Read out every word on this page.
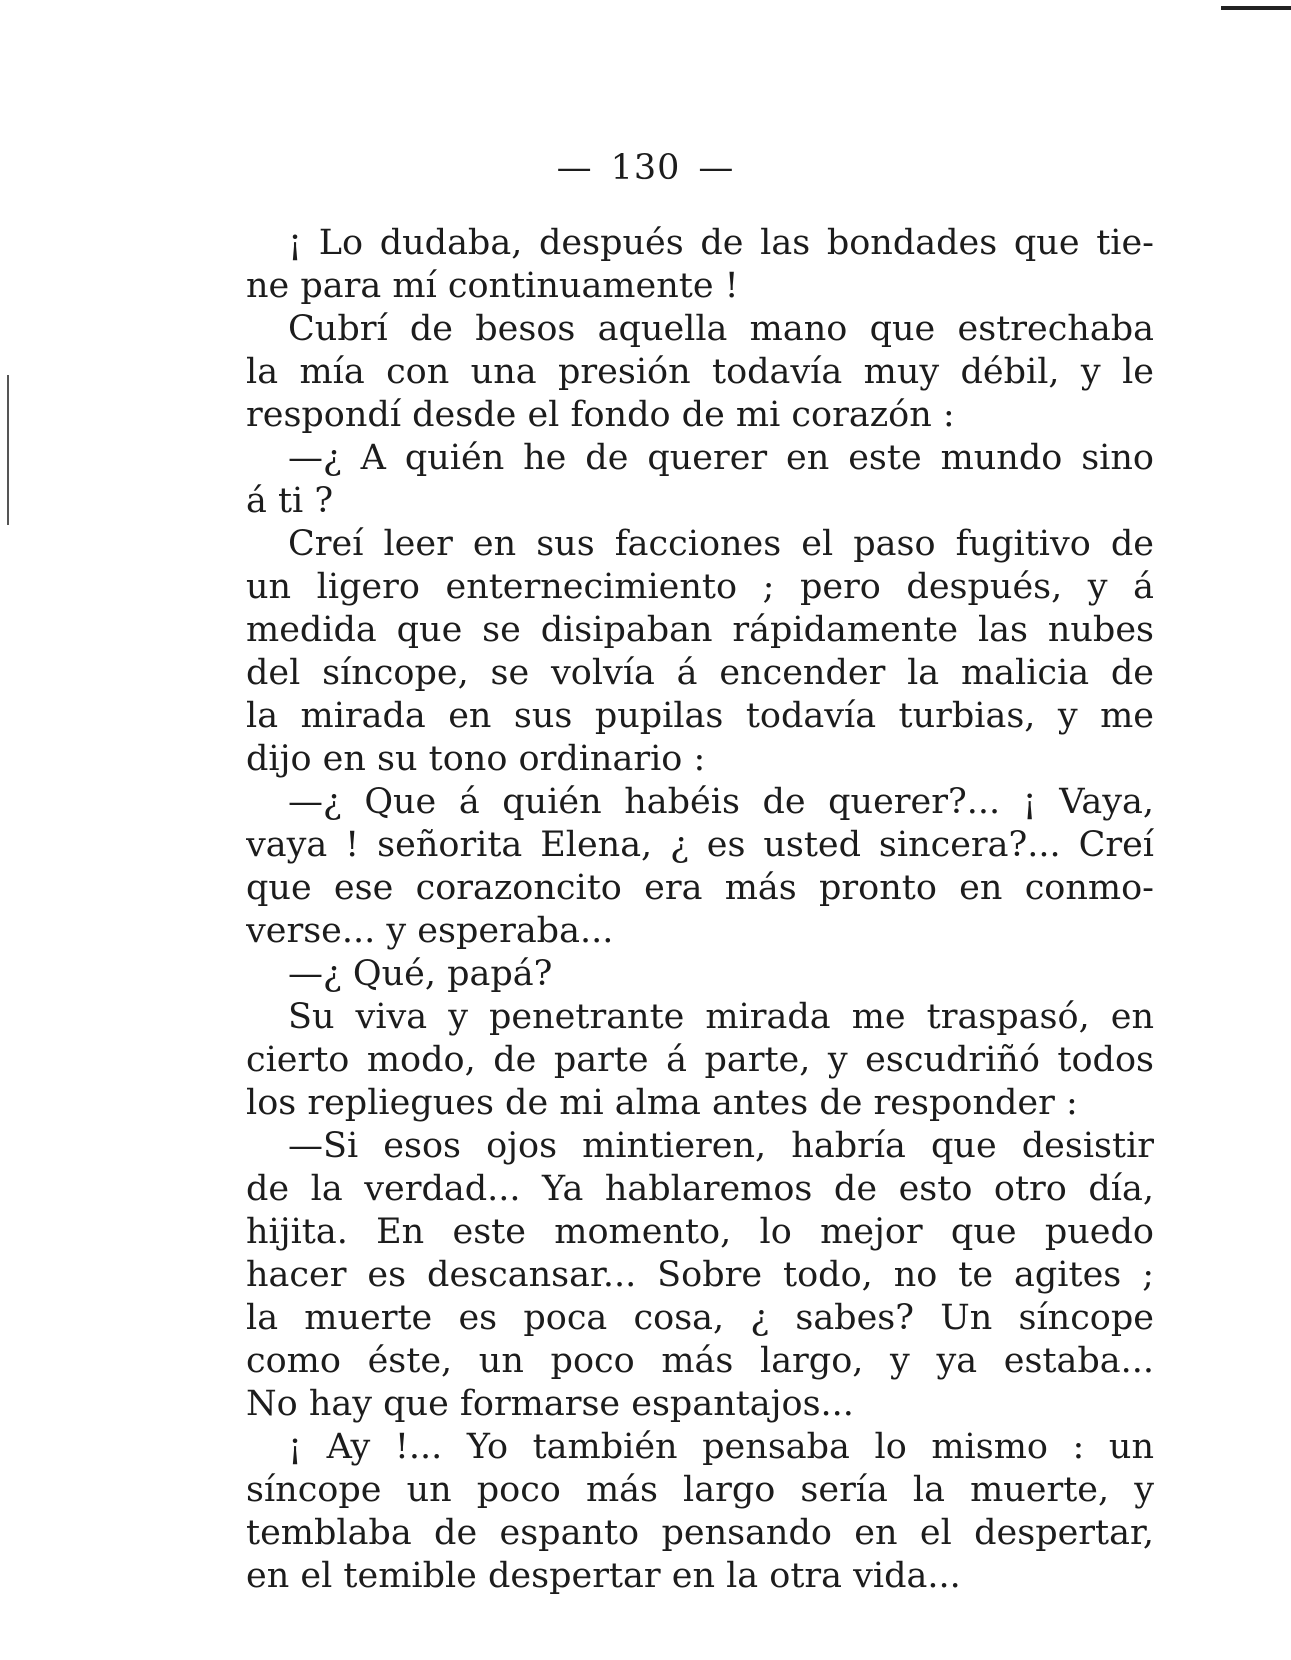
— 130 —
¡ Lo dudaba, después de las bondades que tie-
ne para mí continuamente !
Cubrí de besos aquella mano que estrechaba
la mía con una presión todavía muy débil, y le
respondí desde el fondo de mi corazón :
—¿ A quién he de querer en este mundo sino
á ti ?
Creí leer en sus facciones el paso fugitivo de
un ligero enternecimiento ; pero después, y á
medida que se disipaban rápidamente las nubes
del síncope, se volvía á encender la malicia de
la mirada en sus pupilas todavía turbias, y me
dijo en su tono ordinario :
—¿ Que á quién habéis de querer?... ¡ Vaya,
vaya ! señorita Elena, ¿ es usted sincera?... Creí
que ese corazoncito era más pronto en conmo-
verse... y esperaba...
—¿ Qué, papá?
Su viva y penetrante mirada me traspasó, en
cierto modo, de parte á parte, y escudriñó todos
los repliegues de mi alma antes de responder :
—Si esos ojos mintieren, habría que desistir
de la verdad... Ya hablaremos de esto otro día,
hijita. En este momento, lo mejor que puedo
hacer es descansar... Sobre todo, no te agites ;
la muerte es poca cosa, ¿ sabes? Un síncope
como éste, un poco más largo, y ya estaba...
No hay que formarse espantajos...
¡ Ay !... Yo también pensaba lo mismo : un
síncope un poco más largo sería la muerte, y
temblaba de espanto pensando en el despertar,
en el temible despertar en la otra vida...
